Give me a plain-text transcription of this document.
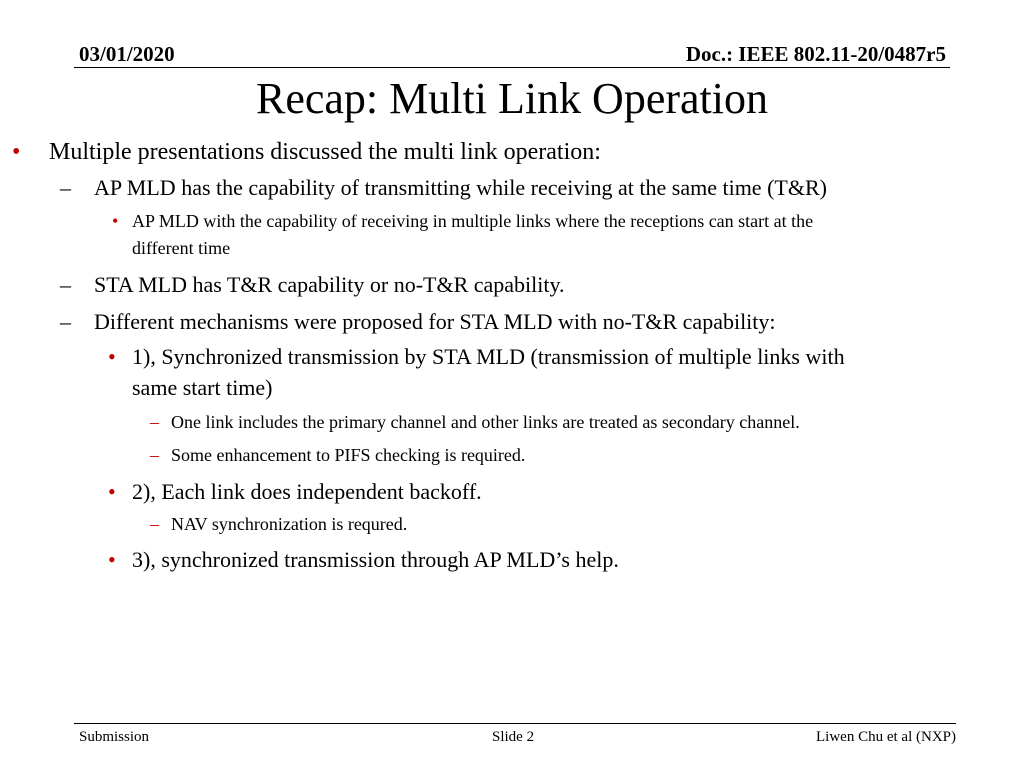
03/01/2020	Doc.: IEEE 802.11-20/0487r5
Recap: Multi Link Operation
• Multiple presentations discussed the multi link operation:
– AP MLD has the capability of transmitting while receiving at the same time (T&R)
• AP MLD with the capability of receiving in multiple links where the receptions can start at the
different time
– STA MLD has T&R capability or no-T&R capability.
– Different mechanisms were proposed for STA MLD with no-T&R capability:
• 1), Synchronized transmission by STA MLD (transmission of multiple links with
same start time)
– One link includes the primary channel and other links are treated as secondary channel.
– Some enhancement to PIFS checking is required.
• 2), Each link does independent backoff.
– NAV synchronization is requred.
• 3), synchronized transmission through AP MLD’s help.
Submission	Slide 2	Liwen Chu et al (NXP)
